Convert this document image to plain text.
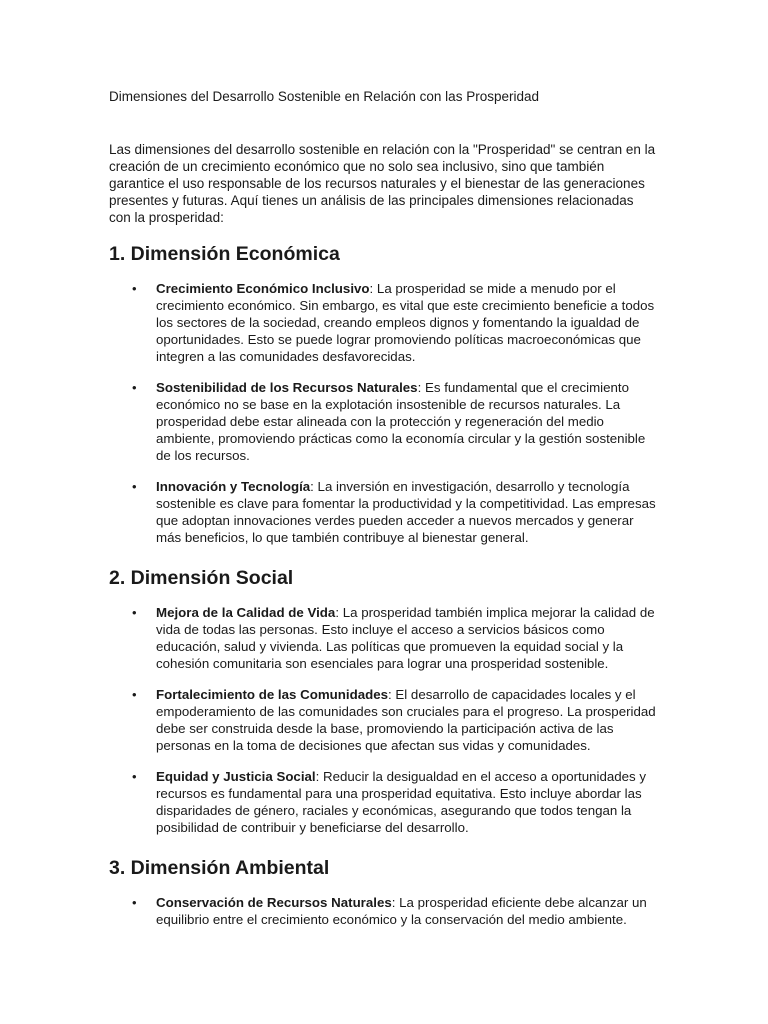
Dimensiones del Desarrollo Sostenible en Relación con las Prosperidad

Las dimensiones del desarrollo sostenible en relación con la "Prosperidad" se centran en la creación de un crecimiento económico que no solo sea inclusivo, sino que también garantice el uso responsable de los recursos naturales y el bienestar de las generaciones presentes y futuras. Aquí tienes un análisis de las principales dimensiones relacionadas con la prosperidad:

1. Dimensión Económica
• Crecimiento Económico Inclusivo: La prosperidad se mide a menudo por el crecimiento económico. Sin embargo, es vital que este crecimiento beneficie a todos los sectores de la sociedad, creando empleos dignos y fomentando la igualdad de oportunidades. Esto se puede lograr promoviendo políticas macroeconómicas que integren a las comunidades desfavorecidas.
• Sostenibilidad de los Recursos Naturales: Es fundamental que el crecimiento económico no se base en la explotación insostenible de recursos naturales. La prosperidad debe estar alineada con la protección y regeneración del medio ambiente, promoviendo prácticas como la economía circular y la gestión sostenible de los recursos.
• Innovación y Tecnología: La inversión en investigación, desarrollo y tecnología sostenible es clave para fomentar la productividad y la competitividad. Las empresas que adoptan innovaciones verdes pueden acceder a nuevos mercados y generar más beneficios, lo que también contribuye al bienestar general.
2. Dimensión Social
• Mejora de la Calidad de Vida: La prosperidad también implica mejorar la calidad de vida de todas las personas. Esto incluye el acceso a servicios básicos como educación, salud y vivienda. Las políticas que promueven la equidad social y la cohesión comunitaria son esenciales para lograr una prosperidad sostenible.
• Fortalecimiento de las Comunidades: El desarrollo de capacidades locales y el empoderamiento de las comunidades son cruciales para el progreso. La prosperidad debe ser construida desde la base, promoviendo la participación activa de las personas en la toma de decisiones que afectan sus vidas y comunidades.
• Equidad y Justicia Social: Reducir la desigualdad en el acceso a oportunidades y recursos es fundamental para una prosperidad equitativa. Esto incluye abordar las disparidades de género, raciales y económicas, asegurando que todos tengan la posibilidad de contribuir y beneficiarse del desarrollo.
3. Dimensión Ambiental
• Conservación de Recursos Naturales: La prosperidad eficiente debe alcanzar un equilibrio entre el crecimiento económico y la conservación del medio ambiente.
